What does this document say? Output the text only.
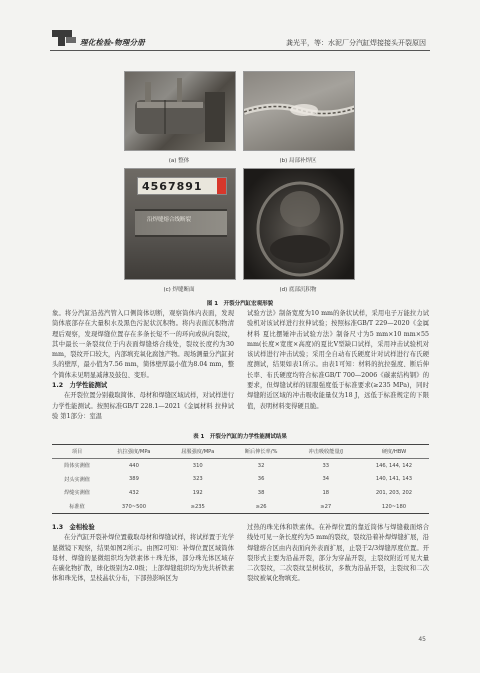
理化检验-物理分册	龚光平，等：水泥厂分汽缸焊接接头开裂原因
(a) 整体	(b) 局部补焊区
4567891
沿焊缝熔合线断裂
(c) 焊缝断面	(d) 底部沉积物
图 1　开裂分汽缸宏观形貌

象。将分汽缸沿蒸汽管入口侧筒体切断，观察筒体内表面，发现筒体底部存在大量积水及黑色污泥状沉积物。将内表面沉积物清理后观察，发现焊缝位置存在多条长短不一的环向或纵向裂纹，其中最长一条裂纹位于内表面焊缝熔合线处，裂纹长度约为30 mm，裂纹开口较大，内部填充氧化腐蚀产物。现场测量分汽缸封头的壁厚，最小值为7.56 mm，简体壁厚最小值为8.04 mm，整个简体未见明显减薄及鼓包、变形。

1.2　力学性能测试

在开裂位置分别截取简体、母材和焊缝区域试样，对试样进行力学性能测试。按照标准GB/T 228.1—2021《金属材料 拉伸试验 第1部分：室温

试验方法》制备宽度为10 mm的条状试样，采用电子万能拉力试验机对该试样进行拉伸试验；按照标准GB/T 229—2020《金属材料 夏比摆锤冲击试验方法》制备尺寸为5 mm×10 mm×55 mm(长度×宽度×高度)的夏比V型缺口试样，采用冲击试验机对该试样进行冲击试验；采用全自动布氏硬度计对试样进行布氏硬度测试，结果如表1所示。由表1可知：材料的抗拉强度、断后伸长率、布氏硬度均符合标准GB/T 700—2006《碳素结构钢》的要求，但焊缝试样的屈服强度低于标准要求(≥235 MPa)，同时焊缝附近区域的冲击吸收能量仅为18 J，远低于标准规定的下限值，表明材料变得硬且脆。

表 1　开裂分汽缸的力学性能测试结果
项目	抗拉强度/MPa	屈服强度/MPa	断后伸长率/%	冲击吸收能量/J	硬度/HBW
简体实测值	440	310	32	33	146, 144, 142
封头实测值	389	323	36	34	140, 141, 143
焊缝实测值	432	192	38	18	201, 203, 202
标准值	370~500	≥235	≥26	≥27	120~180

1.3　金相检验

在分汽缸开裂补焊位置截取母材和焊缝试样，将试样置于光学显微镜下观察，结果如图2所示。由图2可知：补焊位置区域筒体母材、焊缝的显微组织均为铁素体＋珠光体，部分珠光体区域存在碳化物扩散，球化级别为2.0级；上部焊缝组织均为先共析铁素体和珠光体，呈枝晶状分布，下部热影响区为

过热的珠光体和铁素体。在补焊位置的靠近筒体与焊缝截面熔合线处可见一条长度约为5 mm的裂纹，裂纹沿着补焊焊缝扩展，沿焊缝熔合区由内表面向外表面扩展，止裂于2/3焊缝厚度位置。开裂形式主要为沿晶开裂，部分为穿晶开裂，主裂纹附近可见大量二次裂纹，二次裂纹呈树枝状，多数为沿晶开裂，主裂纹和二次裂纹被氧化物填充。

45
